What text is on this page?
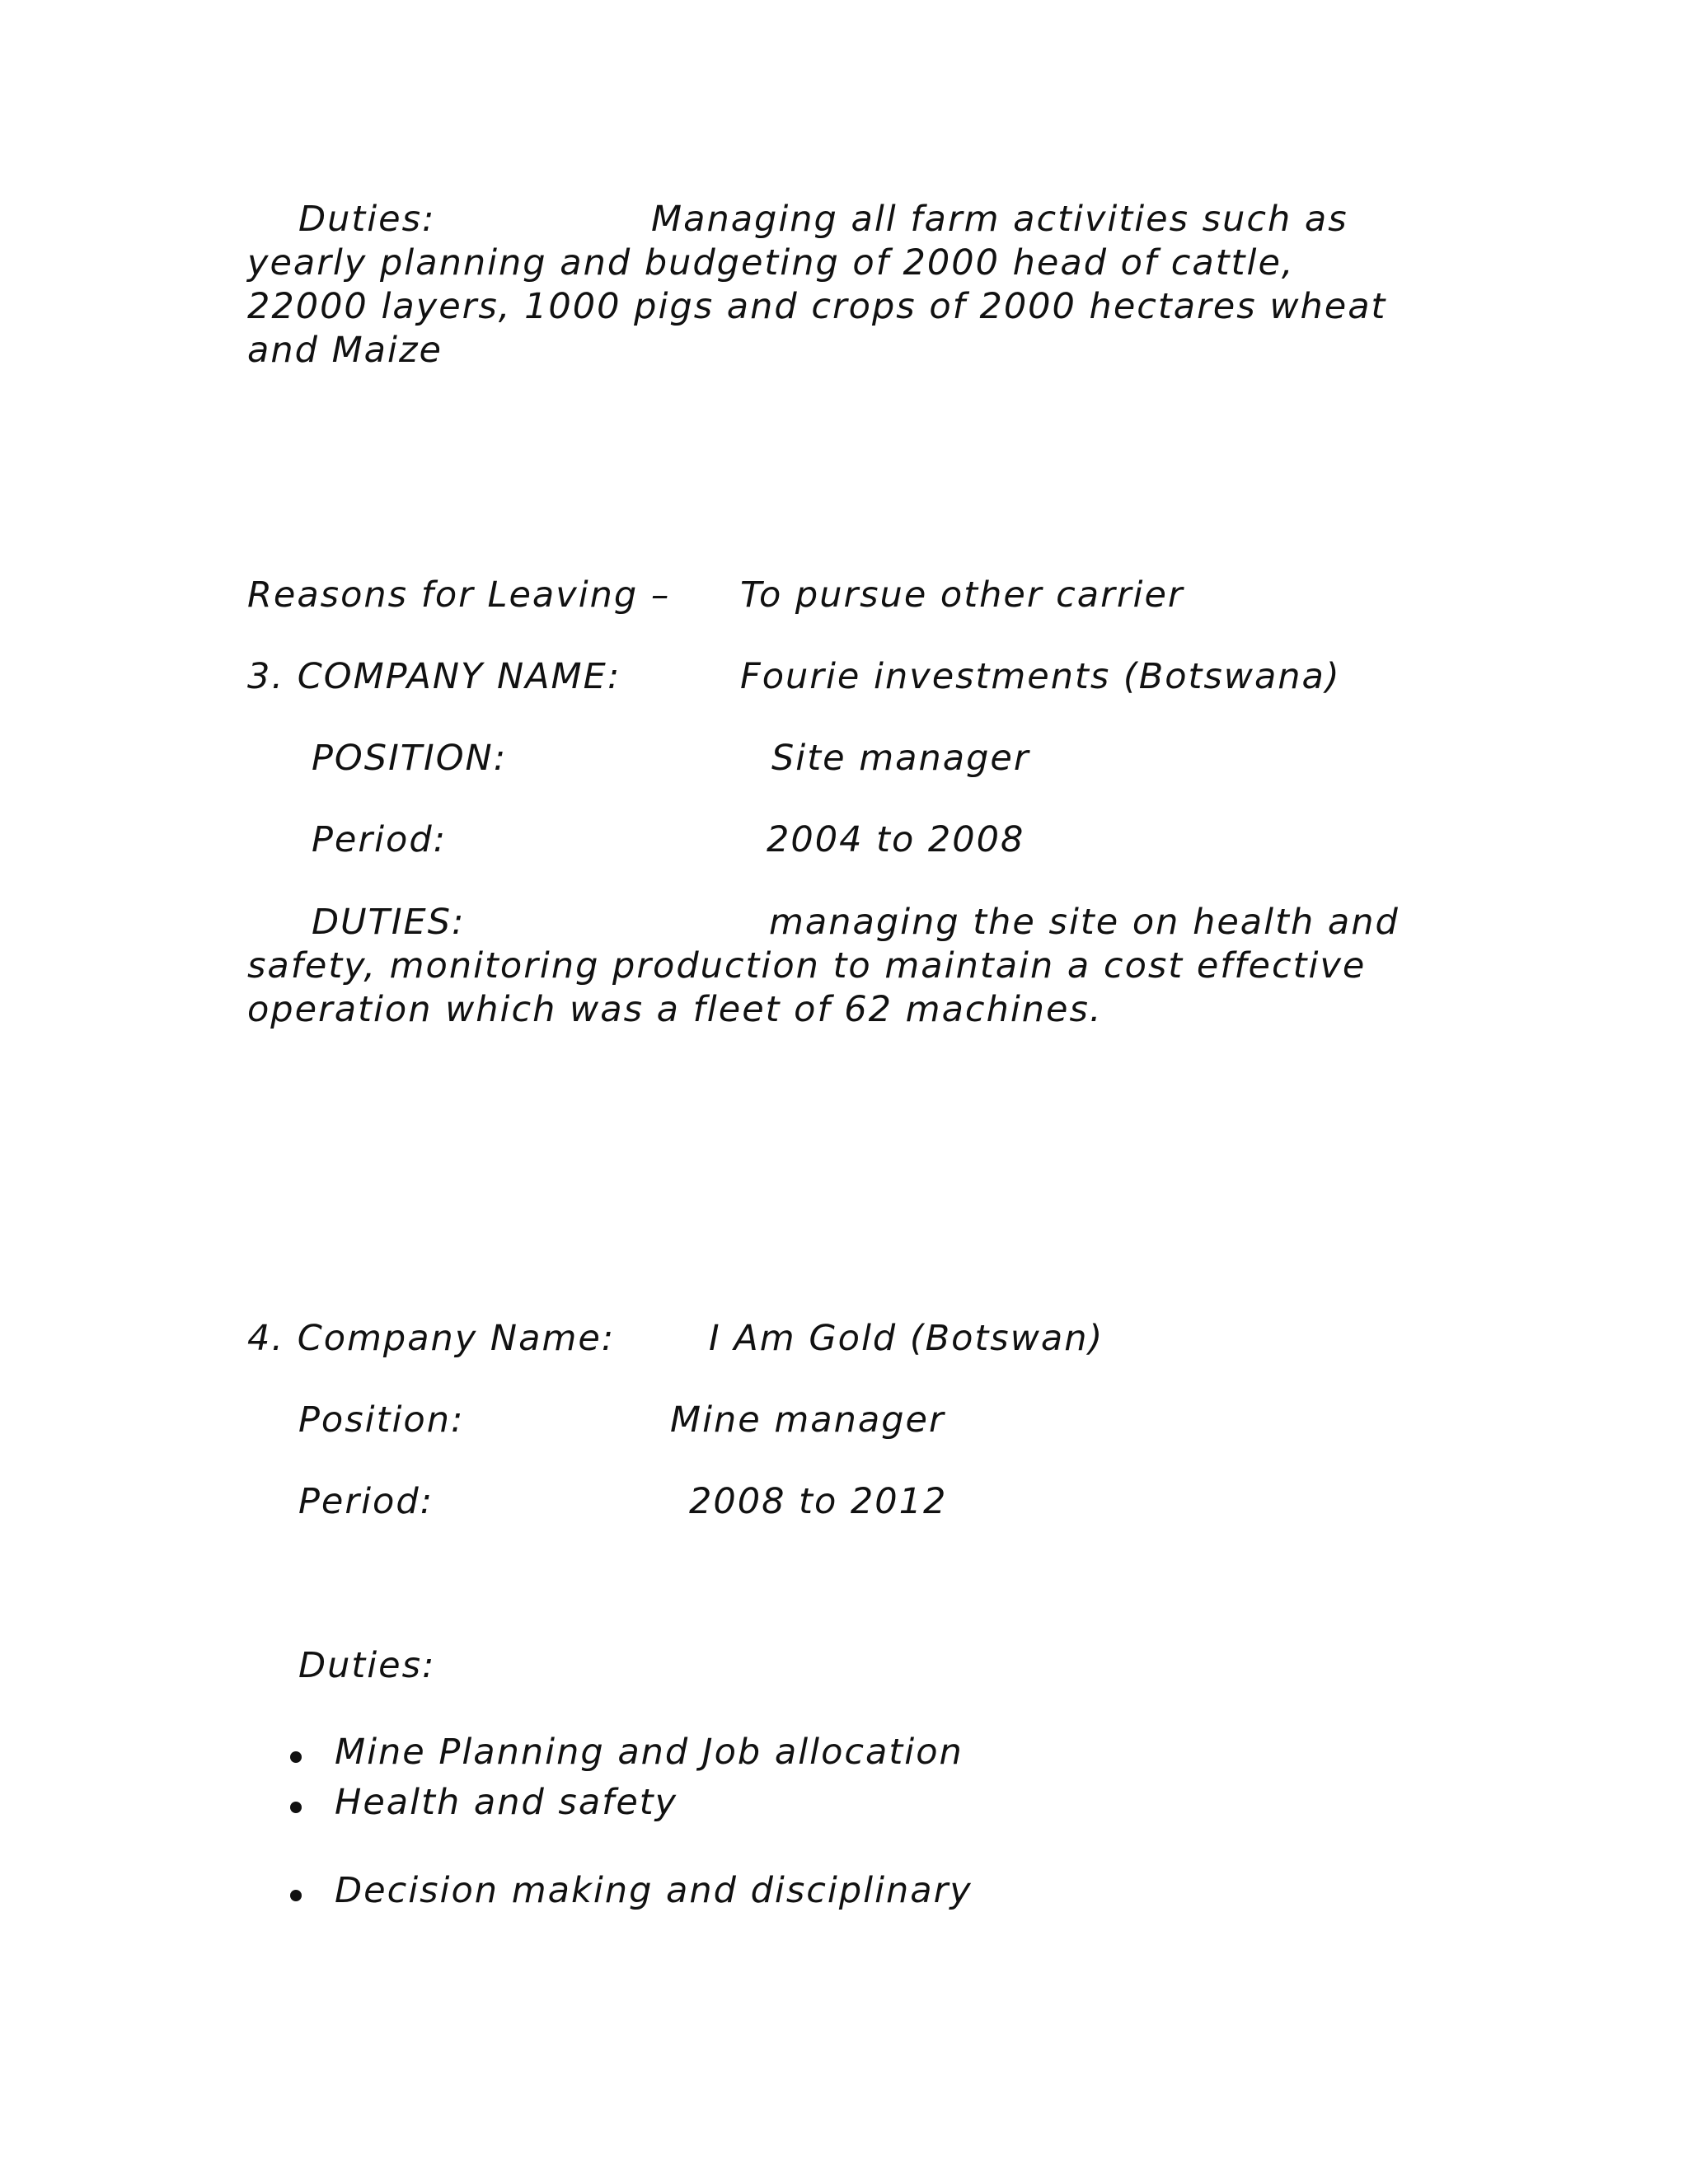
Duties:	Managing all farm activities such as
yearly planning and budgeting of 2000 head of cattle,
22000 layers, 1000 pigs and crops of 2000 hectares wheat
and Maize
Reasons for Leaving – To pursue other carrier
3. COMPANY NAME:	Fourie investments (Botswana)
POSITION:	Site manager
Period:	2004 to 2008
DUTIES:	managing the site on health and
safety, monitoring production to maintain a cost effective
operation which was a fleet of 62 machines.
4. Company Name:	I Am Gold (Botswan)
Position:	Mine manager
Period:	2008 to 2012
Duties:
Mine Planning and Job allocation
Health and safety
Decision making and disciplinary
